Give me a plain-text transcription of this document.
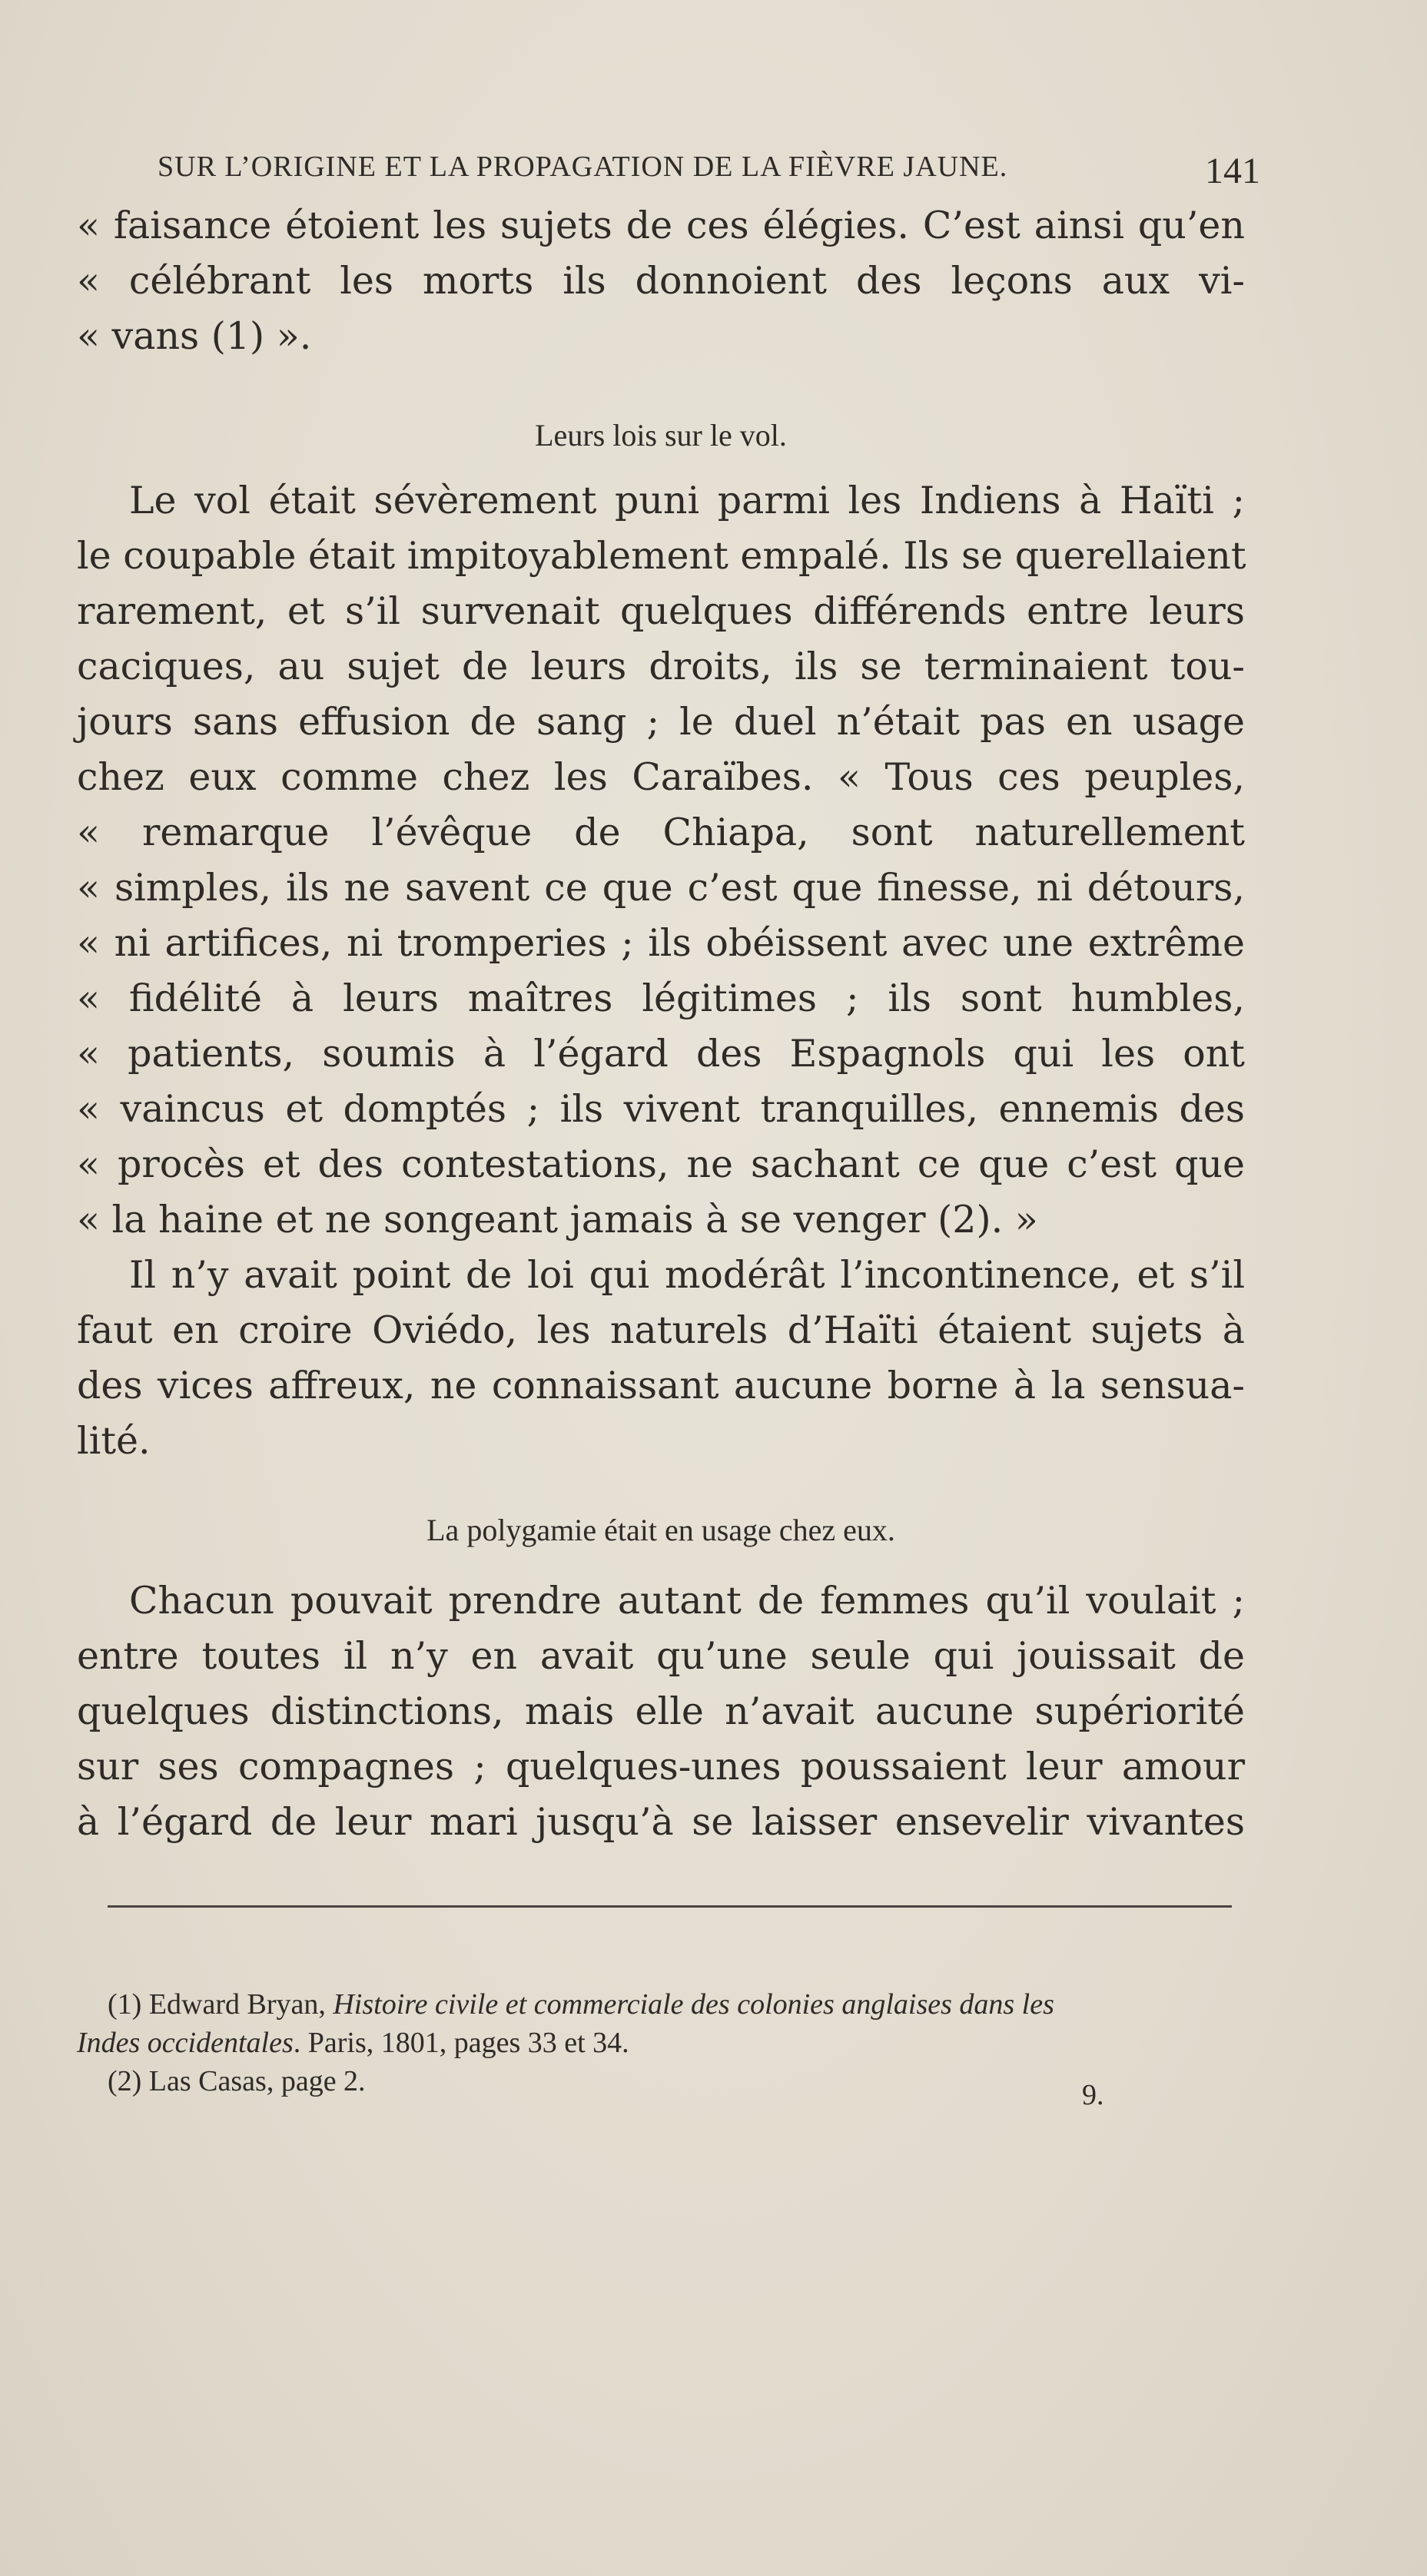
SUR L’ORIGINE ET LA PROPAGATION DE LA FIÈVRE JAUNE.	141
« faisance étoient les sujets de ces élégies. C’est ainsi qu’en
« célébrant les morts ils donnoient des leçons aux vi-
« vans (1) ».
Leurs lois sur le vol.
Le vol était sévèrement puni parmi les Indiens à Haïti ;
le coupable était impitoyablement empalé. Ils se querellaient
rarement, et s’il survenait quelques différends entre leurs
caciques, au sujet de leurs droits, ils se terminaient tou-
jours sans effusion de sang ; le duel n’était pas en usage
chez eux comme chez les Caraïbes. « Tous ces peuples,
« remarque l’évêque de Chiapa, sont naturellement
« simples, ils ne savent ce que c’est que finesse, ni détours,
« ni artifices, ni tromperies ; ils obéissent avec une extrême
« fidélité à leurs maîtres légitimes ; ils sont humbles,
« patients, soumis à l’égard des Espagnols qui les ont
« vaincus et domptés ; ils vivent tranquilles, ennemis des
« procès et des contestations, ne sachant ce que c’est que
« la haine et ne songeant jamais à se venger (2). »
Il n’y avait point de loi qui modérât l’incontinence, et s’il
faut en croire Oviédo, les naturels d’Haïti étaient sujets à
des vices affreux, ne connaissant aucune borne à la sensua-
lité.
La polygamie était en usage chez eux.
Chacun pouvait prendre autant de femmes qu’il voulait ;
entre toutes il n’y en avait qu’une seule qui jouissait de
quelques distinctions, mais elle n’avait aucune supériorité
sur ses compagnes ; quelques-unes poussaient leur amour
à l’égard de leur mari jusqu’à se laisser ensevelir vivantes
(1) Edward Bryan, Histoire civile et commerciale des colonies anglaises dans les
Indes occidentales. Paris, 1801, pages 33 et 34.
(2) Las Casas, page 2.	9.
